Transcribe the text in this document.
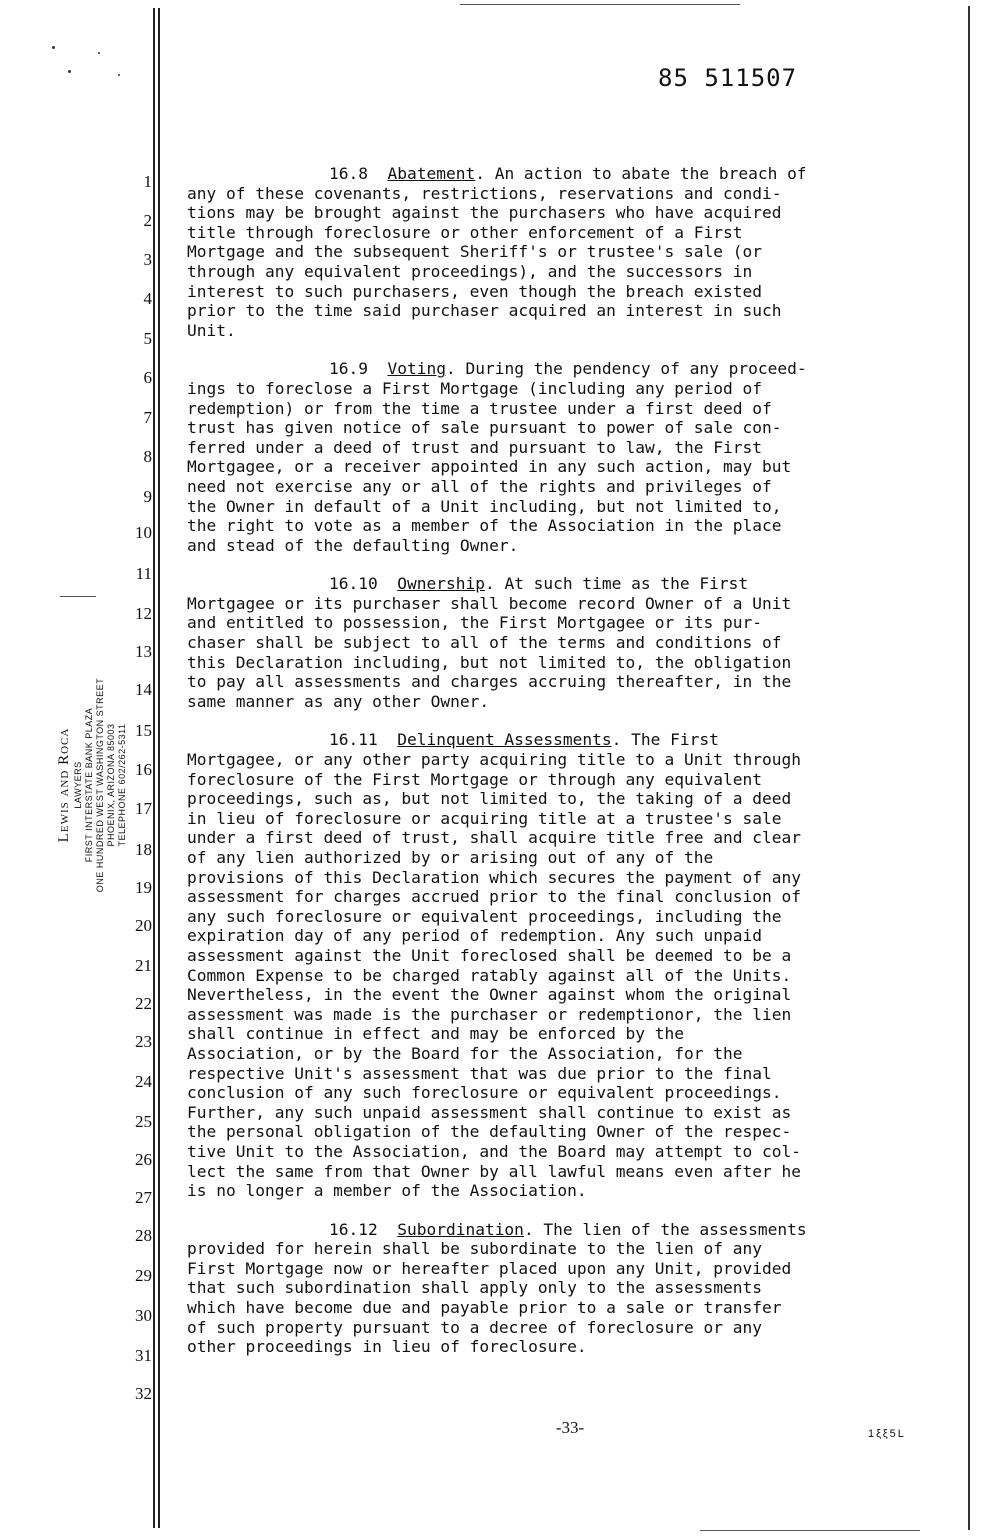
85 511507
1
2
3
4
5
6
7
8
9
10
11
12
13
14
15
16
17
18
19
20
21
22
23
24
25
26
27
28
29
30
31
32
Lewis and Roca LAWYERS FIRST INTERSTATE BANK PLAZA ONE HUNDRED WEST WASHINGTON STREET PHOENIX, ARIZONA 85003 TELEPHONE 602/262-5311
16.8 Abatement. An action to abate the breach of
any of these covenants, restrictions, reservations and condi-
tions may be brought against the purchasers who have acquired
title through foreclosure or other enforcement of a First
Mortgage and the subsequent Sheriff's or trustee's sale (or
through any equivalent proceedings), and the successors in
interest to such purchasers, even though the breach existed
prior to the time said purchaser acquired an interest in such
Unit.
16.9 Voting. During the pendency of any proceed-
ings to foreclose a First Mortgage (including any period of
redemption) or from the time a trustee under a first deed of
trust has given notice of sale pursuant to power of sale con-
ferred under a deed of trust and pursuant to law, the First
Mortgagee, or a receiver appointed in any such action, may but
need not exercise any or all of the rights and privileges of
the Owner in default of a Unit including, but not limited to,
the right to vote as a member of the Association in the place
and stead of the defaulting Owner.
16.10 Ownership. At such time as the First
Mortgagee or its purchaser shall become record Owner of a Unit
and entitled to possession, the First Mortgagee or its pur-
chaser shall be subject to all of the terms and conditions of
this Declaration including, but not limited to, the obligation
to pay all assessments and charges accruing thereafter, in the
same manner as any other Owner.
16.11 Delinquent Assessments. The First
Mortgagee, or any other party acquiring title to a Unit through
foreclosure of the First Mortgage or through any equivalent
proceedings, such as, but not limited to, the taking of a deed
in lieu of foreclosure or acquiring title at a trustee's sale
under a first deed of trust, shall acquire title free and clear
of any lien authorized by or arising out of any of the
provisions of this Declaration which secures the payment of any
assessment for charges accrued prior to the final conclusion of
any such foreclosure or equivalent proceedings, including the
expiration day of any period of redemption. Any such unpaid
assessment against the Unit foreclosed shall be deemed to be a
Common Expense to be charged ratably against all of the Units.
Nevertheless, in the event the Owner against whom the original
assessment was made is the purchaser or redemptionor, the lien
shall continue in effect and may be enforced by the
Association, or by the Board for the Association, for the
respective Unit's assessment that was due prior to the final
conclusion of any such foreclosure or equivalent proceedings.
Further, any such unpaid assessment shall continue to exist as
the personal obligation of the defaulting Owner of the respec-
tive Unit to the Association, and the Board may attempt to col-
lect the same from that Owner by all lawful means even after he
is no longer a member of the Association.
16.12 Subordination. The lien of the assessments
provided for herein shall be subordinate to the lien of any
First Mortgage now or hereafter placed upon any Unit, provided
that such subordination shall apply only to the assessments
which have become due and payable prior to a sale or transfer
of such property pursuant to a decree of foreclosure or any
other proceedings in lieu of foreclosure.
-33-	1ξξ5L
